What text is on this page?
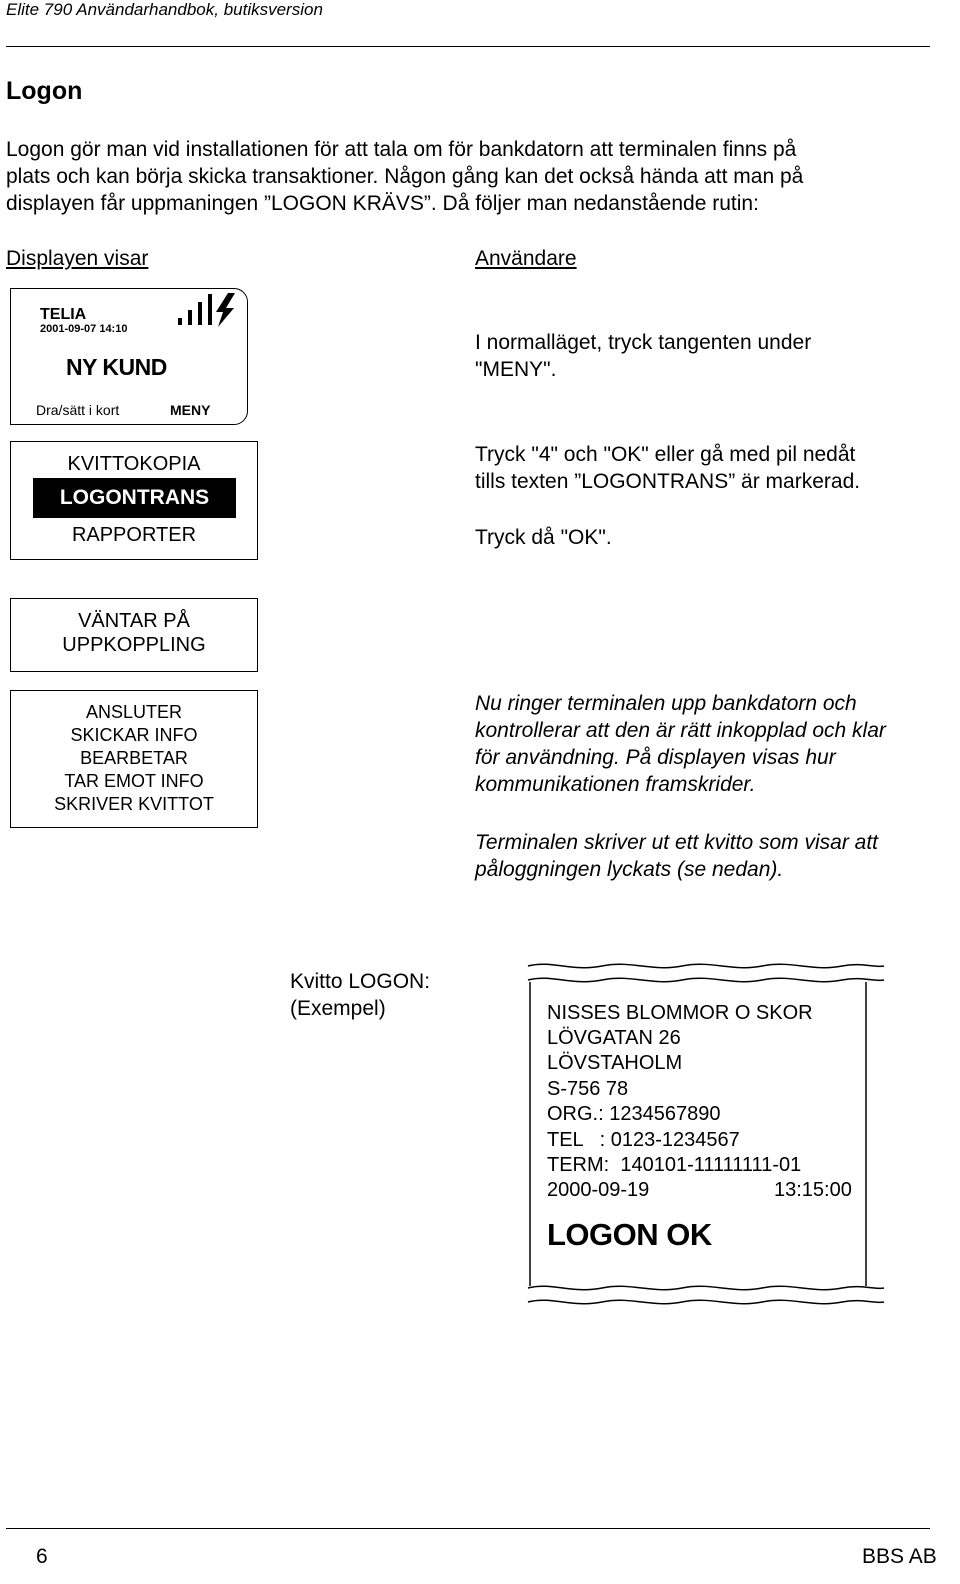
Elite 790 Användarhandbok, butiksversion
Logon

Logon gör man vid installationen för att tala om för bankdatorn att terminalen finns på

plats och kan börja skicka transaktioner. Någon gång kan det också hända att man på

displayen får uppmaningen ”LOGON KRÄVS”. Då följer man nedanstående rutin:

Displayen visar	Användare
TELIA
2001-09-07 14:10
NY KUND
Dra/sätt i kort	MENY

I normalläget, tryck tangenten under

"MENY".

KVITTOKOPIA
LOGONTRANS
RAPPORTER

Tryck "4" och "OK" eller gå med pil nedåt

tills texten ”LOGONTRANS” är markerad.

Tryck då "OK".
VÄNTAR PÅ
UPPKOPPLING
ANSLUTER
SKICKAR INFO
BEARBETAR
TAR EMOT INFO
SKRIVER KVITTOT

Nu ringer terminalen upp bankdatorn och

kontrollerar att den är rätt inkopplad och klar

för användning. På displayen visas hur

kommunikationen framskrider.

Terminalen skriver ut ett kvitto som visar att

påloggningen lyckats (se nedan).

Kvitto LOGON:
(Exempel)	NISSES BLOMMOR O SKOR
LÖVGATAN 26
LÖVSTAHOLM
S-756 78
ORG.: 1234567890
TEL   : 0123-1234567
TERM:  140101-11111111-01
2000-09-19	13:15:00
LOGON OK
6	BBS AB
